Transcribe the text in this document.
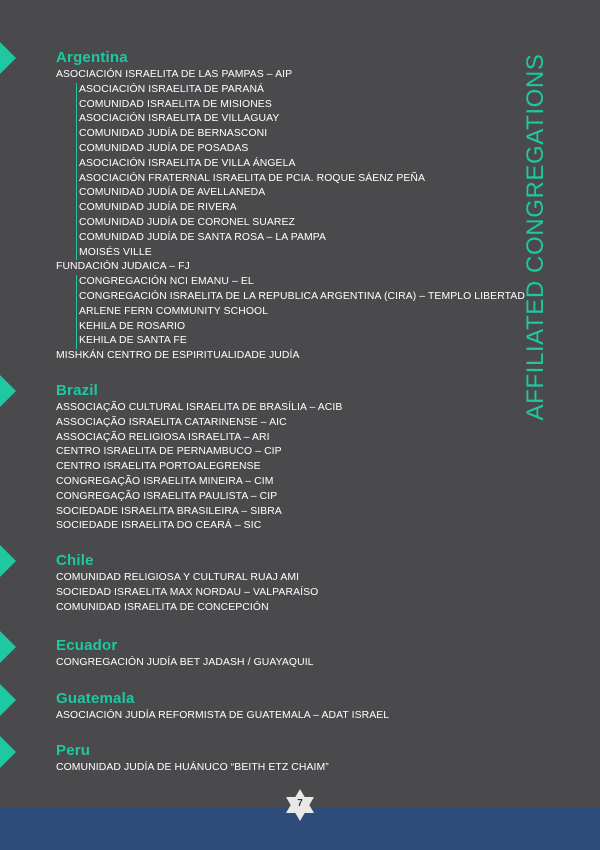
Argentina
ASOCIACIÓN ISRAELITA DE LAS PAMPAS – AIP
ASOCIACIÓN ISRAELITA DE PARANÁ
COMUNIDAD ISRAELITA DE MISIONES
ASOCIACIÓN ISRAELITA DE VILLAGUAY
COMUNIDAD JUDÍA DE BERNASCONI
COMUNIDAD JUDÍA DE POSADAS
ASOCIACIÓN ISRAELITA DE VILLA ÁNGELA
ASOCIACIÓN FRATERNAL ISRAELITA DE PCIA. ROQUE SÁENZ PEÑA
COMUNIDAD JUDÍA DE AVELLANEDA
COMUNIDAD JUDÍA DE RIVERA
COMUNIDAD JUDÍA DE CORONEL SUAREZ
COMUNIDAD JUDÍA DE SANTA ROSA – LA PAMPA
MOISÉS VILLE
FUNDACIÓN JUDAICA – FJ
CONGREGACIÓN NCI EMANU – EL
CONGREGACIÓN ISRAELITA DE LA REPUBLICA ARGENTINA (CIRA) – TEMPLO LIBERTAD
ARLENE FERN COMMUNITY SCHOOL
KEHILA DE ROSARIO
KEHILA DE SANTA FE
MISHKÁN CENTRO DE ESPIRITUALIDADE JUDÍA
Brazil
ASSOCIAÇÃO CULTURAL ISRAELITA DE BRASÍLIA – ACIB
ASSOCIAÇÃO ISRAELITA CATARINENSE – AIC
ASSOCIAÇÃO RELIGIOSA ISRAELITA – ARI
CENTRO ISRAELITA DE PERNAMBUCO – CIP
CENTRO ISRAELITA PORTOALEGRENSE
CONGREGAÇÃO ISRAELITA MINEIRA – CIM
CONGREGAÇÃO ISRAELITA PAULISTA – CIP
SOCIEDADE ISRAELITA BRASILEIRA – SIBRA
SOCIEDADE ISRAELITA DO CEARÁ – SIC
Chile
COMUNIDAD RELIGIOSA Y CULTURAL RUAJ AMI
SOCIEDAD ISRAELITA MAX NORDAU – VALPARAÍSO
COMUNIDAD ISRAELITA DE CONCEPCIÓN
Ecuador
CONGREGACIÓN JUDÍA BET JADASH / GUAYAQUIL
Guatemala
ASOCIACIÓN JUDÍA REFORMISTA DE GUATEMALA – ADAT ISRAEL
Peru
COMUNIDAD JUDÍA DE HUÁNUCO “BEITH ETZ CHAIM”
AFFILIATED CONGREGATIONS
7
